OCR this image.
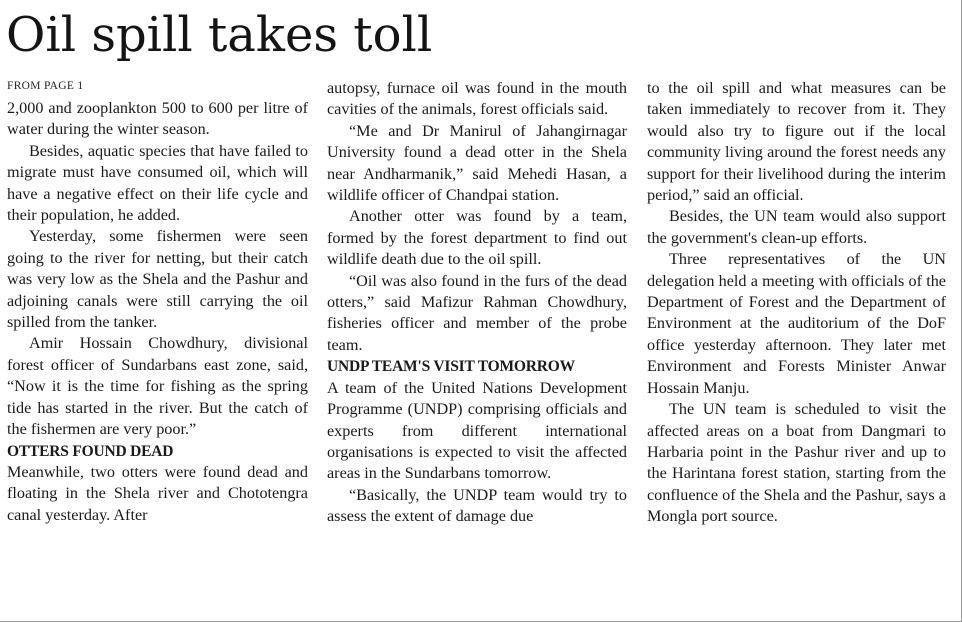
Oil spill takes toll
FROM PAGE 1

2,000 and zooplankton 500 to 600 per litre of water during the winter season.

Besides, aquatic species that have failed to migrate must have consumed oil, which will have a negative effect on their life cycle and their population, he added.

Yesterday, some fishermen were seen going to the river for netting, but their catch was very low as the Shela and the Pashur and adjoining canals were still carrying the oil spilled from the tanker.

Amir Hossain Chowdhury, divisional forest officer of Sundarbans east zone, said, “Now it is the time for fishing as the spring tide has started in the river. But the catch of the fishermen are very poor.”

OTTERS FOUND DEAD

Meanwhile, two otters were found dead and floating in the Shela river and Chototengra canal yesterday. After

autopsy, furnace oil was found in the mouth cavities of the animals, forest officials said.

“Me and Dr Manirul of Jahangirnagar University found a dead otter in the Shela near Andharmanik,” said Mehedi Hasan, a wildlife officer of Chandpai station.

Another otter was found by a team, formed by the forest department to find out wildlife death due to the oil spill.

“Oil was also found in the furs of the dead otters,” said Mafizur Rahman Chowdhury, fisheries officer and member of the probe team.

UNDP TEAM'S VISIT TOMORROW

A team of the United Nations Development Programme (UNDP) comprising officials and experts from different international organisations is expected to visit the affected areas in the Sundarbans tomorrow.

“Basically, the UNDP team would try to assess the extent of damage due

to the oil spill and what measures can be taken immediately to recover from it. They would also try to figure out if the local community living around the forest needs any support for their livelihood during the interim period,” said an official.

Besides, the UN team would also support the government's clean-up efforts.

Three representatives of the UN delegation held a meeting with officials of the Department of Forest and the Department of Environment at the auditorium of the DoF office yesterday afternoon. They later met Environment and Forests Minister Anwar Hossain Manju.

The UN team is scheduled to visit the affected areas on a boat from Dangmari to Harbaria point in the Pashur river and up to the Harintana forest station, starting from the confluence of the Shela and the Pashur, says a Mongla port source.
